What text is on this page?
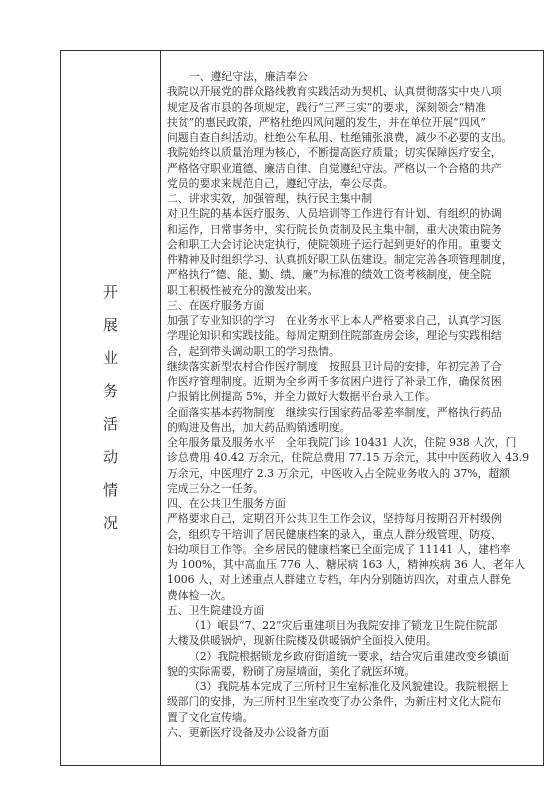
开
展
业
务
活
动
情
况
一、遵纪守法，廉洁奉公
我院以开展党的群众路线教育实践活动为契机、认真贯彻落实中央八项
规定及省市县的各项规定，践行“三严三实”的要求，深刻领会“精准
扶贫”的惠民政策，严格杜绝四风问题的发生，并在单位开展“四风”
问题自查自纠活动。杜绝公车私用、杜绝铺张浪费，减少不必要的支出。
我院始终以质量治理为核心，不断提高医疗质量；切实保障医疗安全，
严格恪守职业道德、廉洁自律、自觉遵纪守法。严格以一个合格的共产
党员的要求来规范自己，遵纪守法，奉公尽责。
二、讲求实效，加强管理，执行民主集中制
对卫生院的基本医疗服务、人员培训等工作进行有计划、有组织的协调
和运作，日常事务中，实行院长负责制及民主集中制，重大决策由院务
会和职工大会讨论决定执行，使院领班子运行起到更好的作用。重要文
件精神及时组织学习、认真抓好职工队伍建设。制定完善各项管理制度，
严格执行“德、能、勤、绩、廉”为标准的绩效工资考核制度，使全院
职工积极性被充分的激发出来。
三、在医疗服务方面
加强了专业知识的学习　在业务水平上本人严格要求自己，认真学习医
学理论知识和实践技能。每周定期到住院部查房会诊，理论与实践相结
合，起到带头调动职工的学习热情。
继续落实新型农村合作医疗制度　按照县卫计局的安排，年初完善了合
作医疗管理制度。近期为全乡两千多贫困户进行了补录工作，确保贫困
户报销比例提高 5%，并全力做好大数据平台录入工作。
全面落实基本药物制度　继续实行国家药品零差率制度，严格执行药品
的购进及售出，加大药品购销透明度。
全年服务量及服务水平　全年我院门诊 10431 人次，住院 938 人次，门
诊总费用 40.42 万余元，住院总费用 77.15 万余元，其中中医药收入 43.9
万余元，中医理疗 2.3 万余元，中医收入占全院业务收入的 37%，超额
完成三分之一任务。
四、在公共卫生服务方面
严格要求自己，定期召开公共卫生工作会议，坚持每月按期召开村级例
会，组织专干培训了居民健康档案的录入，重点人群分级管理、防疫、
妇幼项目工作等。全乡居民的健康档案已全面完成了 11141 人，建档率
为 100%，其中高血压 776 人、糖尿病 163 人，精神疾病 36 人、老年人
1006 人，对上述重点人群建立专档，年内分别随访四次，对重点人群免
费体检一次。
五、卫生院建设方面
（1）岷县“7、22”灾后重建项目为我院安排了锁龙卫生院住院部
大楼及供暖锅炉，现新住院楼及供暖锅炉全面投入使用。
（2）我院根据锁龙乡政府街道统一要求，结合灾后重建改变乡镇面
貌的实际需要，粉刷了房屋墙面，美化了就医环境。
（3）我院基本完成了三所村卫生室标准化及风貌建设。我院根据上
级部门的安排，为三所村卫生室改变了办公条件，为新庄村文化大院布
置了文化宣传墙。
六、更新医疗设备及办公设备方面
